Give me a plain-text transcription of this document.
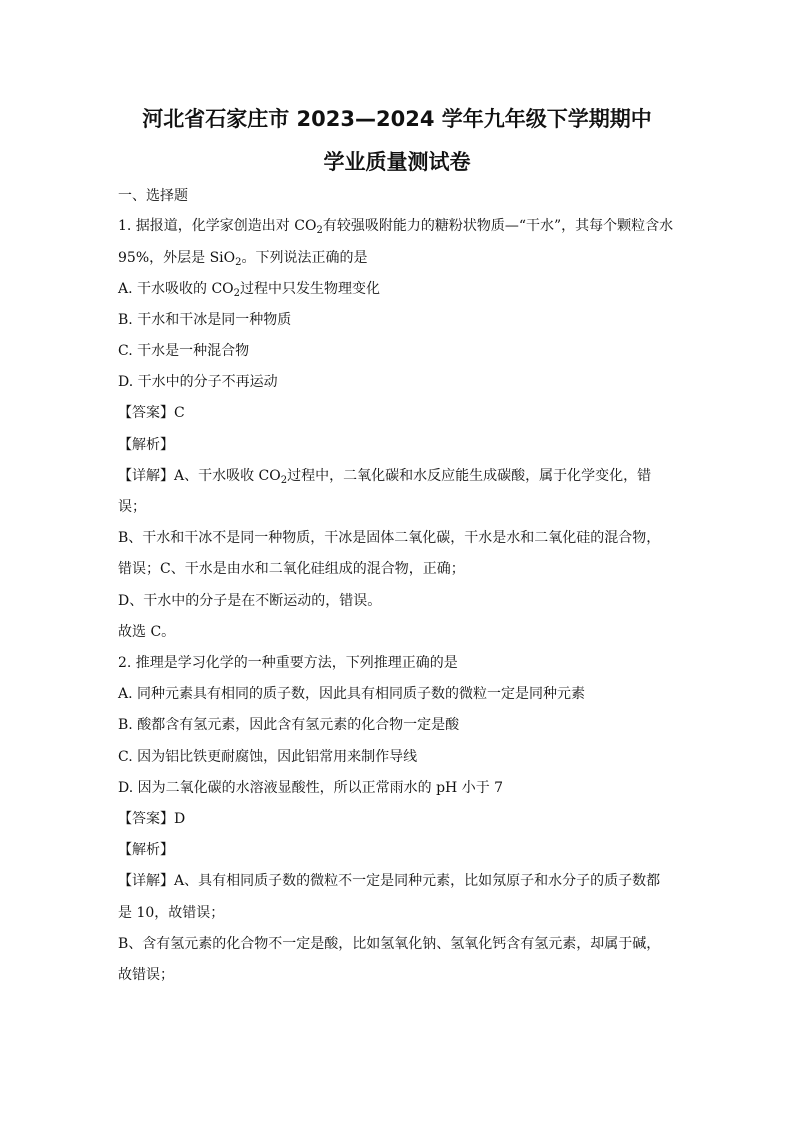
河北省石家庄市 2023—2024 学年九年级下学期期中
学业质量测试卷
一、选择题
1. 据报道，化学家创造出对 $CO_2$有较强吸附能力的糖粉状物质—“干水”，其每个颗粒含水
95%，外层是 SiO$_2$。下列说法正确的是
A. 干水吸收的 $CO_2$过程中只发生物理变化
B. 干水和干冰是同一种物质
C. 干水是一种混合物
D. 干水中的分子不再运动
【答案】C
【解析】
【详解】A、干水吸收 $CO_2$过程中，二氧化碳和水反应能生成碳酸，属于化学变化，错
误；
B、干水和干冰不是同一种物质，干冰是固体二氧化碳，干水是水和二氧化硅的混合物，
错误；C、干水是由水和二氧化硅组成的混合物，正确；
D、干水中的分子是在不断运动的，错误。
故选 C。
2. 推理是学习化学的一种重要方法，下列推理正确的是
A. 同种元素具有相同的质子数，因此具有相同质子数的微粒一定是同种元素
B. 酸都含有氢元素，因此含有氢元素的化合物一定是酸
C. 因为铝比铁更耐腐蚀，因此铝常用来制作导线
D. 因为二氧化碳的水溶液显酸性，所以正常雨水的 pH 小于 7
【答案】D
【解析】
【详解】A、具有相同质子数的微粒不一定是同种元素，比如氖原子和水分子的质子数都
是 10，故错误；
B、含有氢元素的化合物不一定是酸，比如氢氧化钠、氢氧化钙含有氢元素，却属于碱，
故错误；
